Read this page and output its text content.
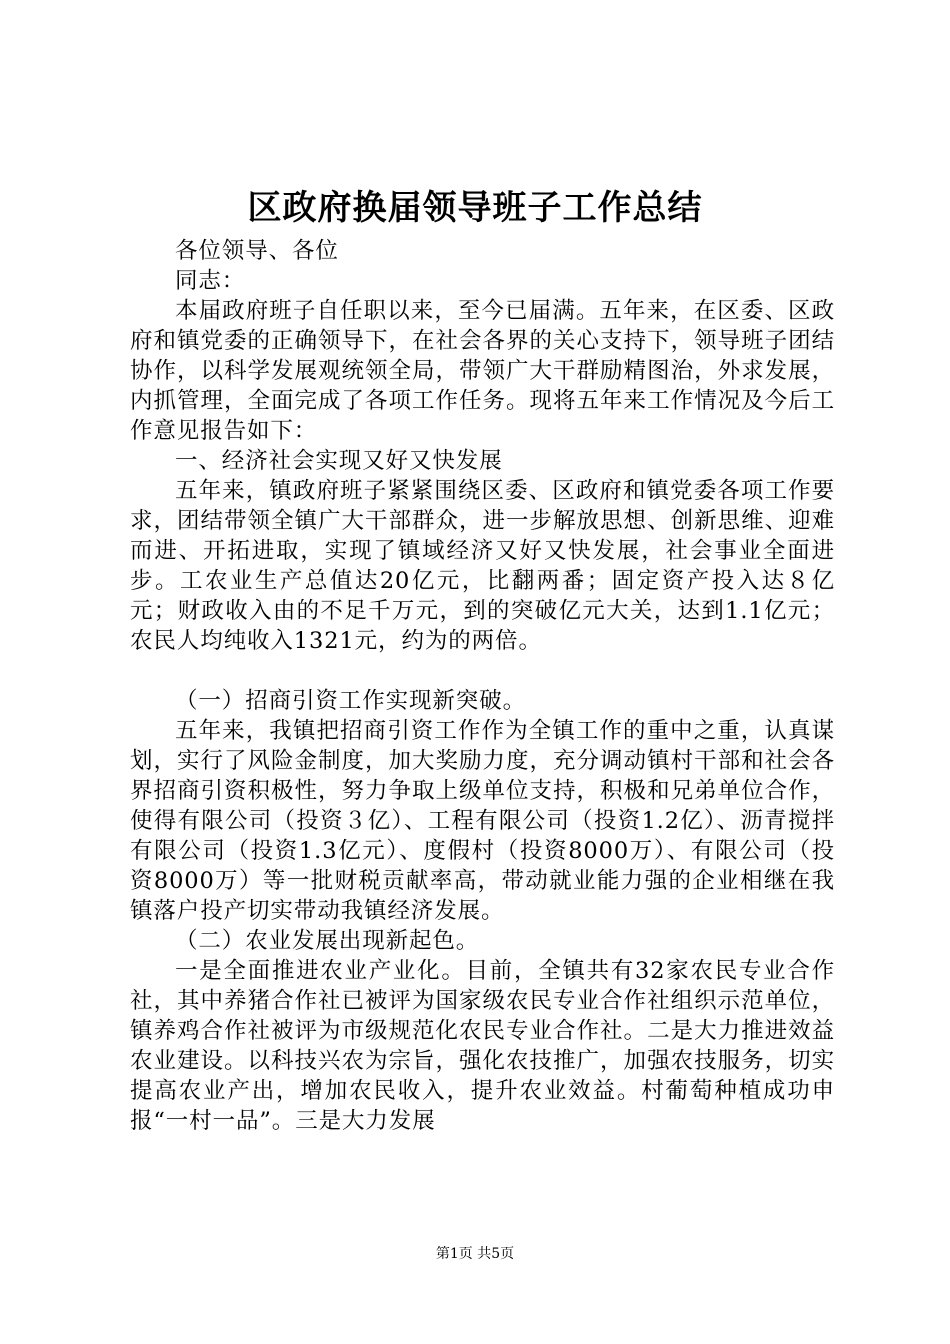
区政府换届领导班子工作总结

各位领导、各位

同志：

本届政府班子自任职以来，至今已届满。五年来，在区委、区政府和镇党委的正确领导下，在社会各界的关心支持下，领导班子团结协作，以科学发展观统领全局，带领广大干群励精图治，外求发展，内抓管理，全面完成了各项工作任务。现将五年来工作情况及今后工作意见报告如下：

一、经济社会实现又好又快发展

五年来，镇政府班子紧紧围绕区委、区政府和镇党委各项工作要求，团结带领全镇广大干部群众，进一步解放思想、创新思维、迎难而进、开拓进取，实现了镇域经济又好又快发展，社会事业全面进步。工农业生产总值达20亿元，比翻两番；固定资产投入达８亿元；财政收入由的不足千万元，到的突破亿元大关，达到1.1亿元；农民人均纯收入1321元，约为的两倍。

（一）招商引资工作实现新突破。

五年来，我镇把招商引资工作作为全镇工作的重中之重，认真谋划，实行了风险金制度，加大奖励力度，充分调动镇村干部和社会各界招商引资积极性，努力争取上级单位支持，积极和兄弟单位合作，使得有限公司（投资３亿）、工程有限公司（投资1.2亿）、沥青搅拌有限公司（投资1.3亿元）、度假村（投资8000万）、有限公司（投资8000万）等一批财税贡献率高，带动就业能力强的企业相继在我镇落户投产切实带动我镇经济发展。

（二）农业发展出现新起色。

一是全面推进农业产业化。目前，全镇共有32家农民专业合作社，其中养猪合作社已被评为国家级农民专业合作社组织示范单位，镇养鸡合作社被评为市级规范化农民专业合作社。二是大力推进效益农业建设。以科技兴农为宗旨，强化农技推广，加强农技服务，切实提高农业产出，增加农民收入，提升农业效益。村葡萄种植成功申报“一村一品”。三是大力发展

第1页 共5页
